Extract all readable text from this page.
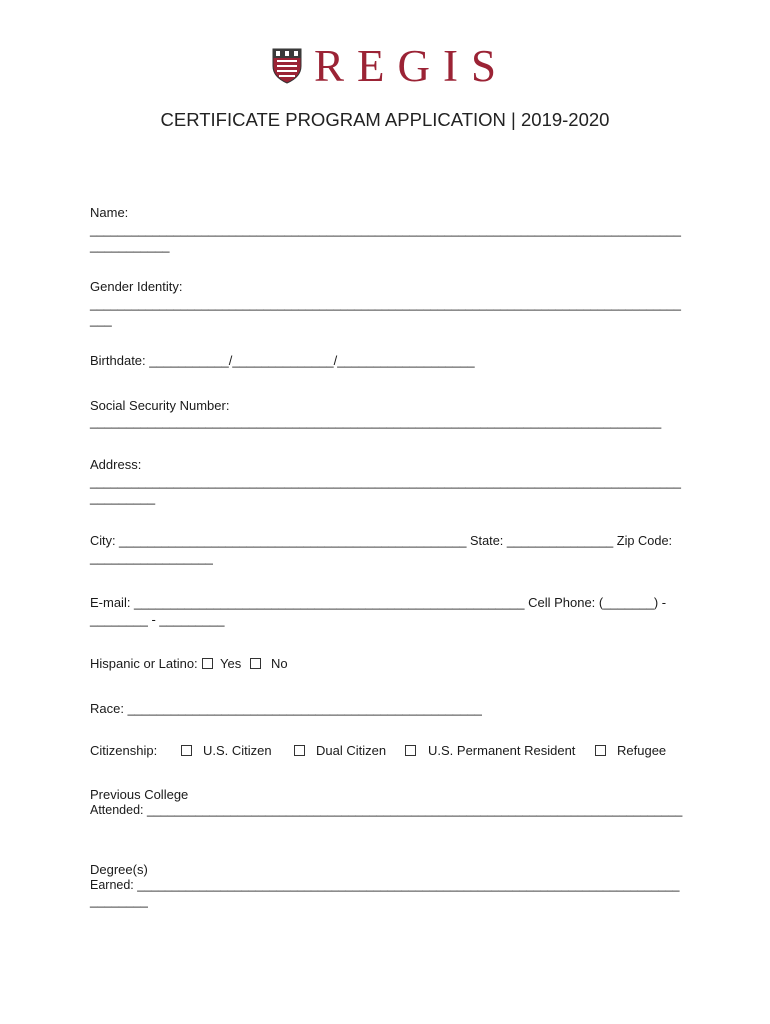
REGIS
CERTIFICATE PROGRAM APPLICATION | 2019-2020
Name:
_____________________________________________________________________________________
___________
Gender Identity:
_____________________________________________________________________________________
___
Birthdate: ___________/______________/___________________
Social Security Number:
_______________________________________________________________________________
Address:
_____________________________________________________________________________________
_________
City: _________________________________________________ State: _______________ Zip Code:
_________________
E-mail: ______________________________________________________ Cell Phone: (_______) -
________ - _________
Hispanic or Latino: Yes No
Race: _________________________________________________
Citizenship:	U.S. Citizen	Dual Citizen	U.S. Permanent Resident	Refugee
Previous College
Attended: _____________________________________________________________________________
Degree(s)
Earned: ______________________________________________________________________________
________
